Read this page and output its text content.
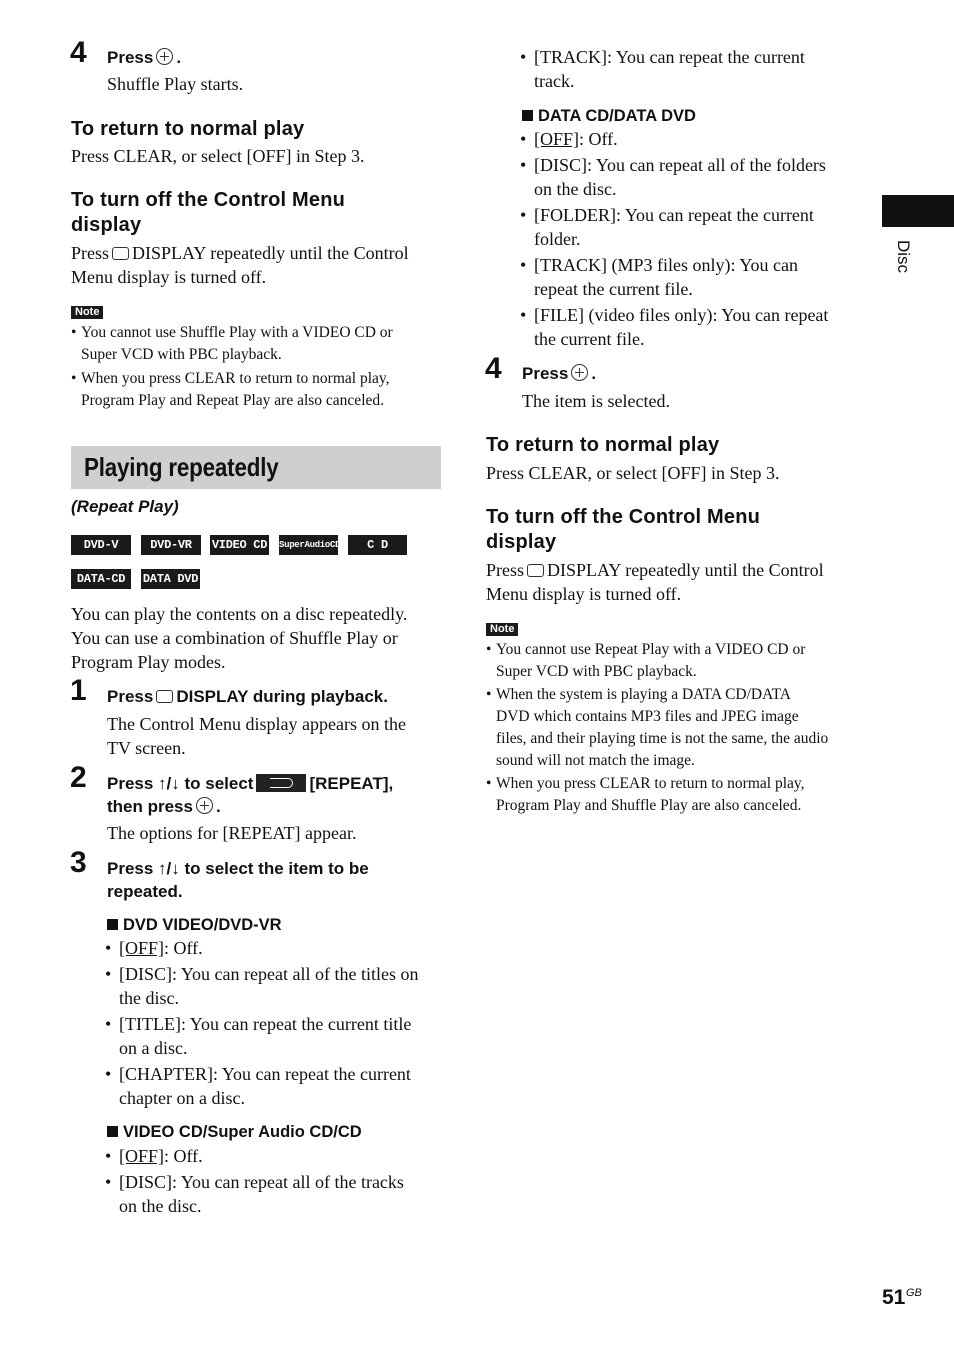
4 Press .
Shuffle Play starts.
To return to normal play
Press CLEAR, or select [OFF] in Step 3.
To turn off the Control Menu
display
Press DISPLAY repeatedly until the Control
Menu display is turned off.
Note
• You cannot use Shuffle Play with a VIDEO CD or
Super VCD with PBC playback.
• When you press CLEAR to return to normal play,
Program Play and Repeat Play are also canceled.
Playing repeatedly
(Repeat Play)
DVD-V	DVD-VR	VIDEO CD SuperAudioCD	C D
DATA-CD	DATA DVD
You can play the contents on a disc repeatedly.
You can use a combination of Shuffle Play or
Program Play modes.
1 Press DISPLAY during playback.
The Control Menu display appears on the
TV screen.
2 Press ↑/↓ to select	[REPEAT],
then press .
The options for [REPEAT] appear.
3 Press ↑/↓ to select the item to be
repeated.
DVD VIDEO/DVD-VR
• [OFF]: Off.
• [DISC]: You can repeat all of the titles on
the disc.
• [TITLE]: You can repeat the current title
on a disc.
• [CHAPTER]: You can repeat the current
chapter on a disc.
VIDEO CD/Super Audio CD/CD
• [OFF]: Off.
• [DISC]: You can repeat all of the tracks
on the disc.
• [TRACK]: You can repeat the current
track.
DATA CD/DATA DVD
• [OFF]: Off.
• [DISC]: You can repeat all of the folders
on the disc.
• [FOLDER]: You can repeat the current
folder.
• [TRACK] (MP3 files only): You can
repeat the current file.
• [FILE] (video files only): You can repeat
the current file.
4 Press .
The item is selected.
To return to normal play
Press CLEAR, or select [OFF] in Step 3.
To turn off the Control Menu
display
Press DISPLAY repeatedly until the Control
Menu display is turned off.
Note
• You cannot use Repeat Play with a VIDEO CD or
Super VCD with PBC playback.
• When the system is playing a DATA CD/DATA
DVD which contains MP3 files and JPEG image
files, and their playing time is not the same, the audio
sound will not match the image.
• When you press CLEAR to return to normal play,
Program Play and Shuffle Play are also canceled.
Disc
51 GB
